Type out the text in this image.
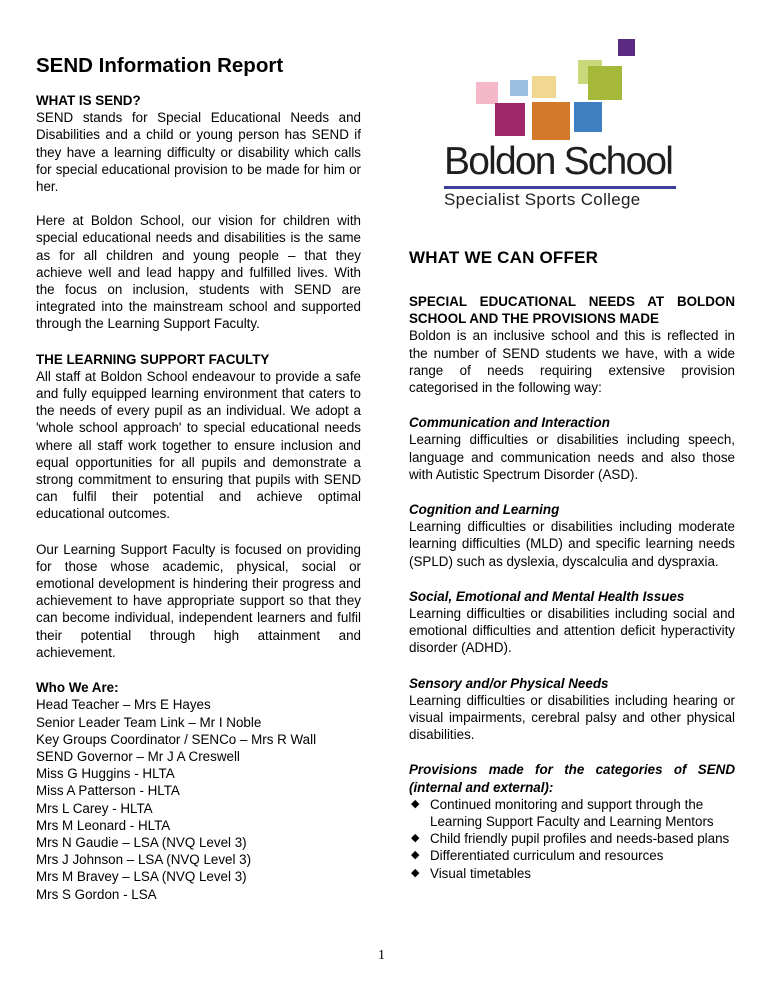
SEND Information Report

WHAT IS SEND?

SEND stands for Special Educational Needs and Disabilities and a child or young person has SEND if they have a learning difficulty or disability which calls for special educational provision to be made for him or her.

Here at Boldon School, our vision for children with special educational needs and disabilities is the same as for all children and young people – that they achieve well and lead happy and fulfilled lives. With the focus on inclusion, students with SEND are integrated into the mainstream school and supported through the Learning Support Faculty.

THE LEARNING SUPPORT FACULTY

All staff at Boldon School endeavour to provide a safe and fully equipped learning environment that caters to the needs of every pupil as an individual. We adopt a 'whole school approach' to special educational needs where all staff work together to ensure inclusion and equal opportunities for all pupils and demonstrate a strong commitment to ensuring that pupils with SEND can fulfil their potential and achieve optimal educational outcomes.

Our Learning Support Faculty is focused on providing for those whose academic, physical, social or emotional development is hindering their progress and achievement to have appropriate support so that they can become individual, independent learners and fulfil their potential through high attainment and achievement.

Who We Are:

Head Teacher – Mrs E Hayes

Senior Leader Team Link – Mr I Noble

Key Groups Coordinator / SENCo – Mrs R Wall

SEND Governor – Mr J A Creswell

Miss G Huggins - HLTA

Miss A Patterson - HLTA

Mrs L Carey - HLTA

Mrs M Leonard - HLTA

Mrs N Gaudie – LSA (NVQ Level 3)

Mrs J Johnson – LSA (NVQ Level 3)

Mrs M Bravey – LSA (NVQ Level 3)

Mrs S Gordon - LSA

Boldon School
Specialist Sports College
WHAT WE CAN OFFER

SPECIAL EDUCATIONAL NEEDS AT BOLDON SCHOOL AND THE PROVISIONS MADE

Boldon is an inclusive school and this is reflected in the number of SEND students we have, with a wide range of needs requiring extensive provision categorised in the following way:

Communication and Interaction

Learning difficulties or disabilities including speech, language and communication needs and also those with Autistic Spectrum Disorder (ASD).

Cognition and Learning

Learning difficulties or disabilities including moderate learning difficulties (MLD) and specific learning needs (SPLD) such as dyslexia, dyscalculia and dyspraxia.

Social, Emotional and Mental Health Issues

Learning difficulties or disabilities including social and emotional difficulties and attention deficit hyperactivity disorder (ADHD).

Sensory and/or Physical Needs

Learning difficulties or disabilities including hearing or visual impairments, cerebral palsy and other physical disabilities.

Provisions made for the categories of SEND (internal and external):

◆ Continued monitoring and support through the Learning Support Faculty and Learning Mentors
◆ Child friendly pupil profiles and needs-based plans
◆ Differentiated curriculum and resources
◆ Visual timetables
1
